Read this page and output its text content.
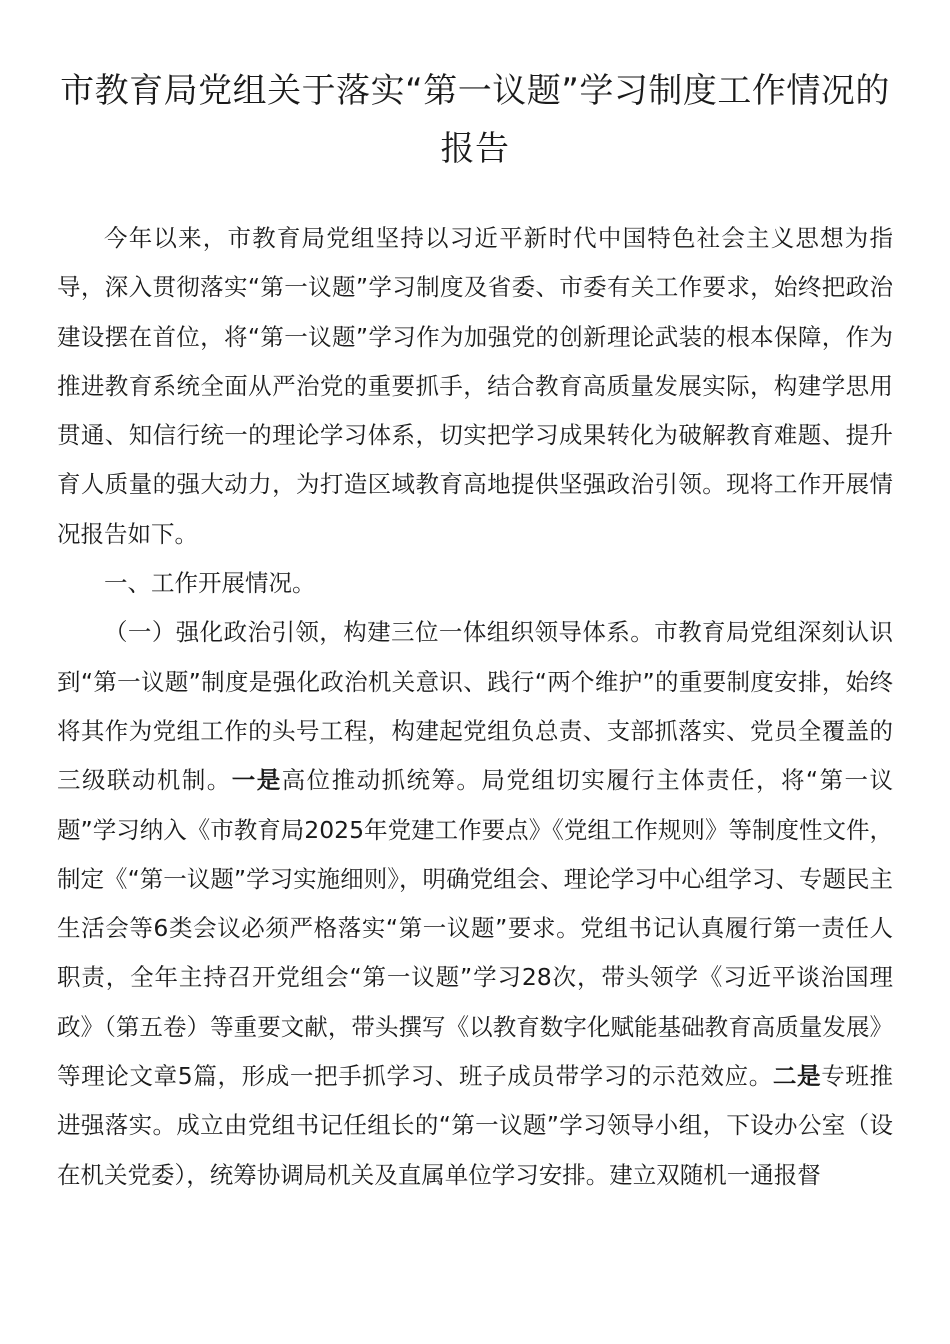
市教育局党组关于落实“第一议题”学习制度工作情况的报告

今年以来，市教育局党组坚持以习近平新时代中国特色社会主义思想为指导，深入贯彻落实“第一议题”学习制度及省委、市委有关工作要求，始终把政治建设摆在首位，将“第一议题”学习作为加强党的创新理论武装的根本保障，作为推进教育系统全面从严治党的重要抓手，结合教育高质量发展实际，构建学思用贯通、知信行统一的理论学习体系，切实把学习成果转化为破解教育难题、提升育人质量的强大动力，为打造区域教育高地提供坚强政治引领。现将工作开展情况报告如下。

一、工作开展情况。

（一）强化政治引领，构建三位一体组织领导体系。市教育局党组深刻认识到“第一议题”制度是强化政治机关意识、践行“两个维护”的重要制度安排，始终将其作为党组工作的头号工程，构建起党组负总责、支部抓落实、党员全覆盖的三级联动机制。一是高位推动抓统筹。局党组切实履行主体责任，将“第一议题”学习纳入《市教育局2025年党建工作要点》《党组工作规则》等制度性文件，制定《“第一议题”学习实施细则》，明确党组会、理论学习中心组学习、专题民主生活会等6类会议必须严格落实“第一议题”要求。党组书记认真履行第一责任人职责，全年主持召开党组会“第一议题”学习28次，带头领学《习近平谈治国理政》（第五卷）等重要文献，带头撰写《以教育数字化赋能基础教育高质量发展》等理论文章5篇，形成一把手抓学习、班子成员带学习的示范效应。二是专班推进强落实。成立由党组书记任组长的“第一议题”学习领导小组，下设办公室（设在机关党委），统筹协调局机关及直属单位学习安排。建立双随机一通报督
